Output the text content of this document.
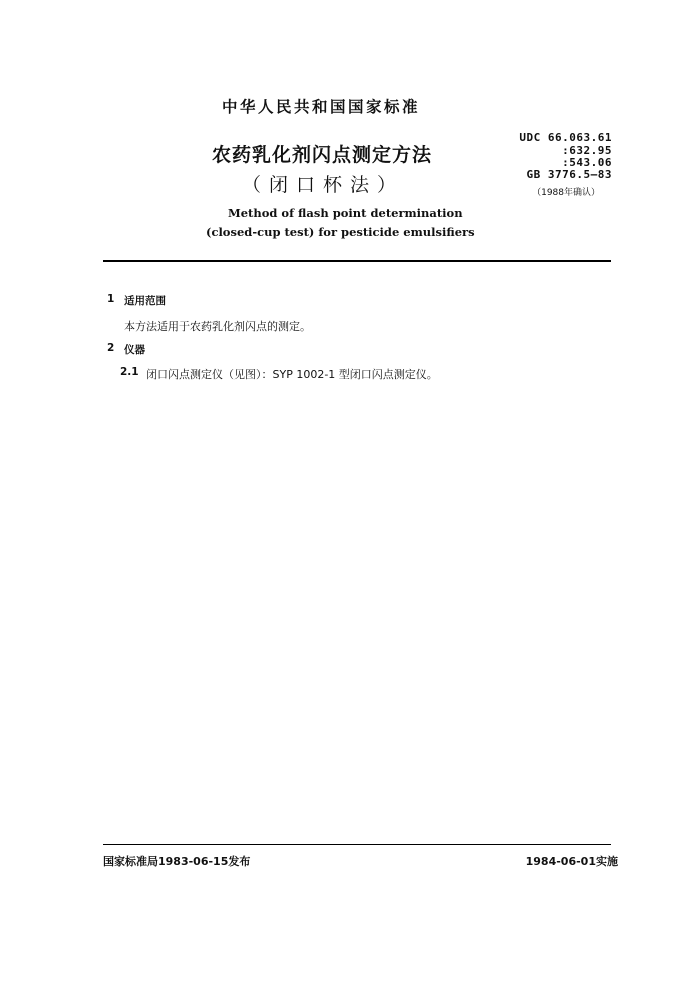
中华人民共和国国家标准
农药乳化剂闪点测定方法
（闭口杯法）
Method of flash point determination
(closed-cup test) for pesticide emulsifiers
UDC 66.063.61
:632.95
:543.06
GB 3776.5—83
（1988年确认）
1 适用范围
本方法适用于农药乳化剂闪点的测定。
2 仪器
2.1 闭口闪点测定仪（见图）：SYP 1002-1 型闭口闪点测定仪。
国家标准局1983-06-15发布	1984-06-01实施
